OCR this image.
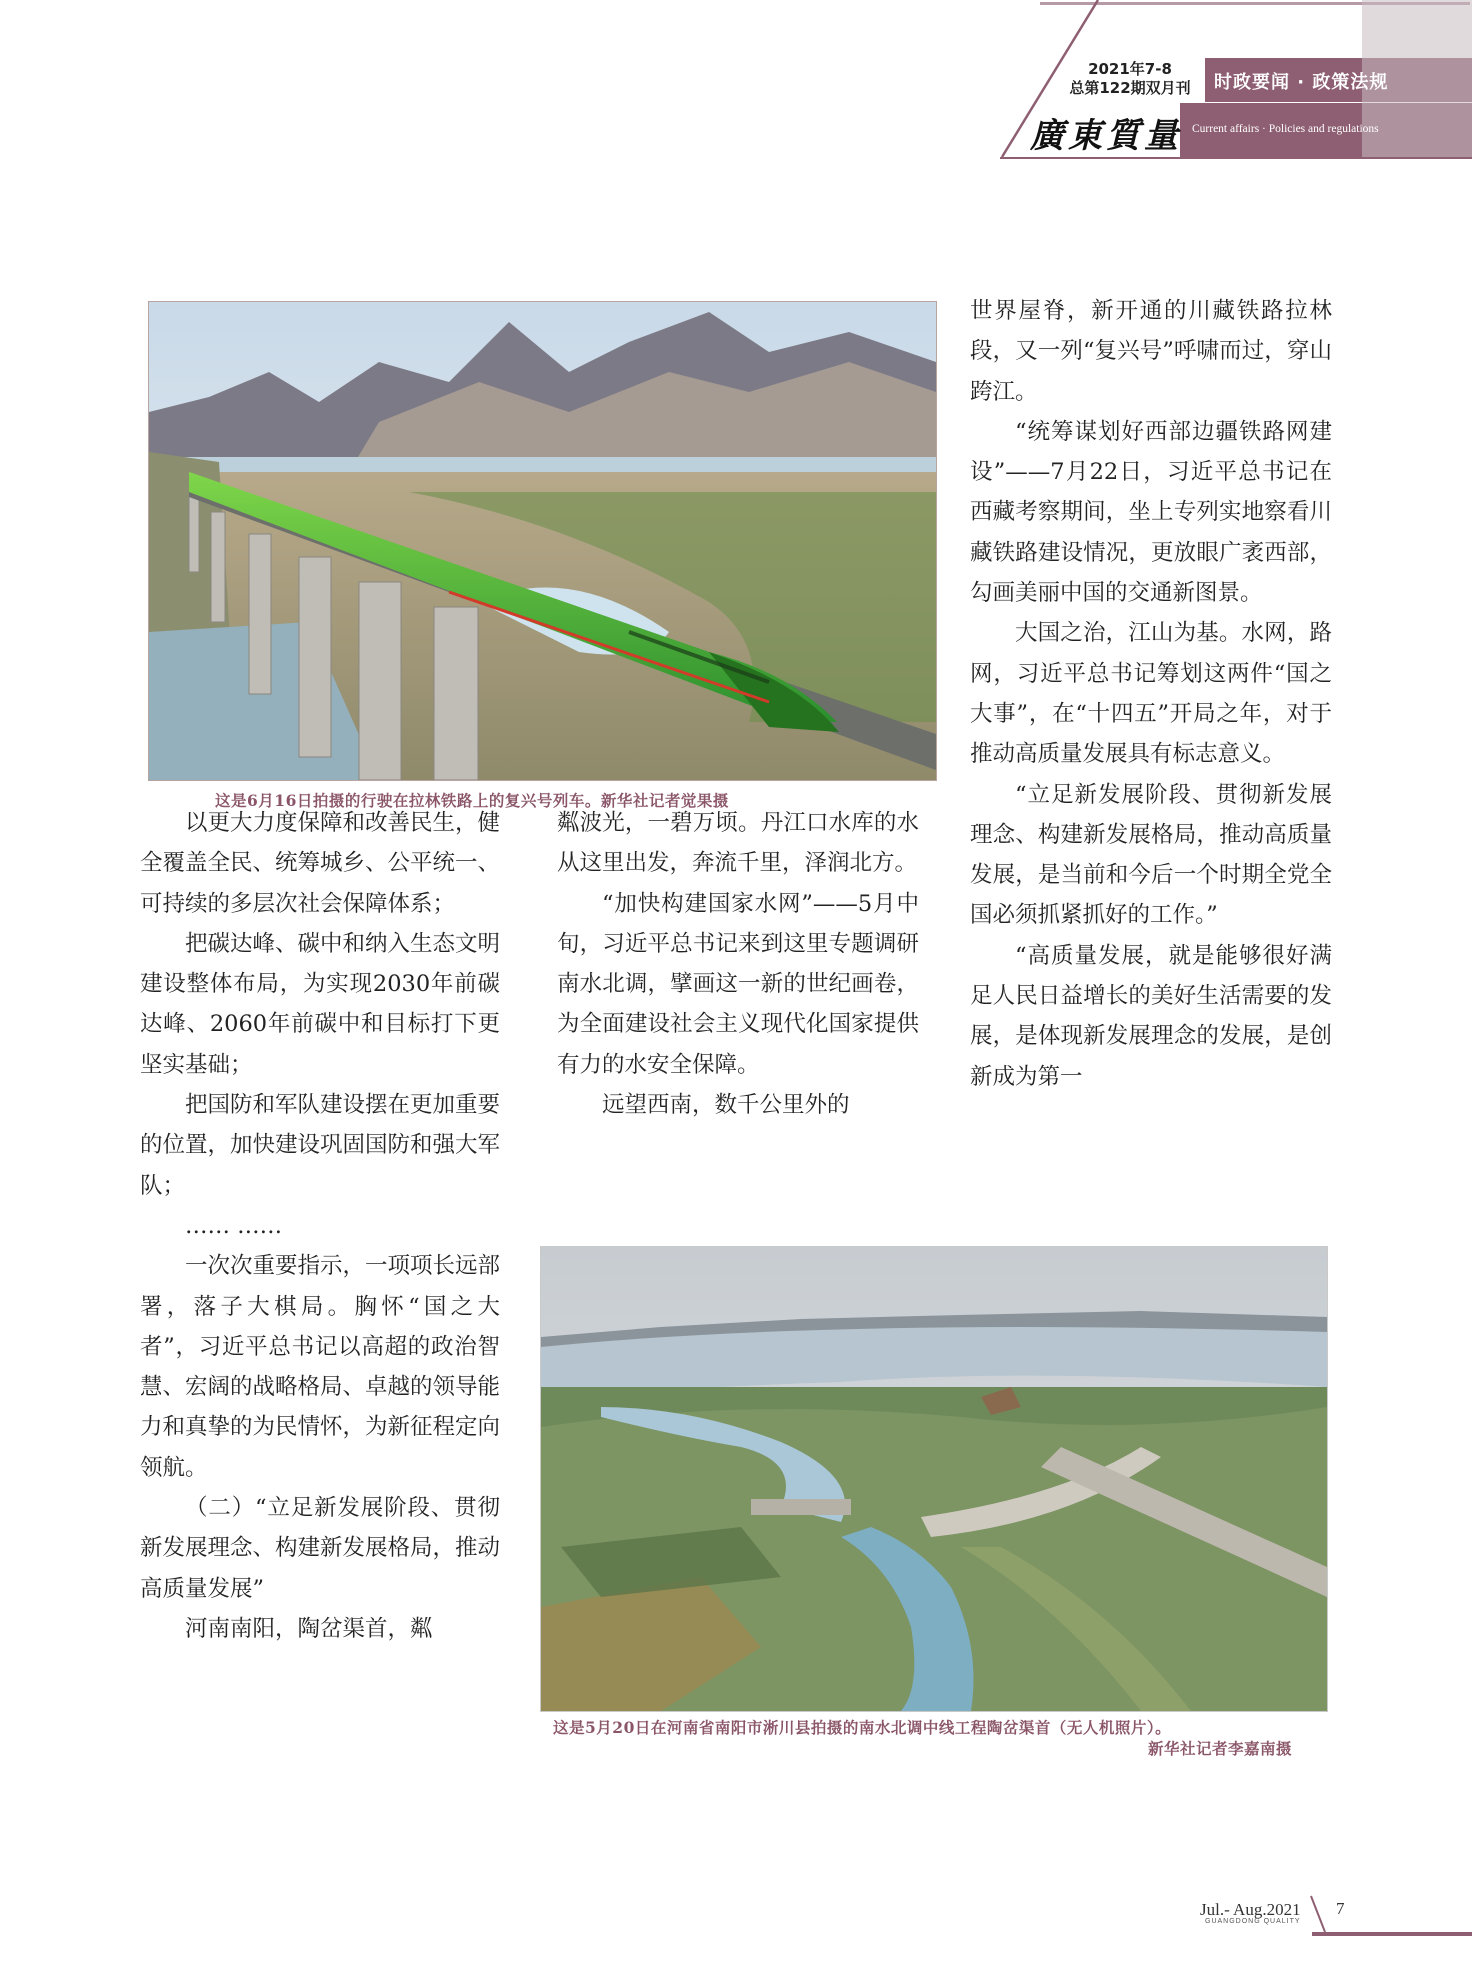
2021年7-8
总第122期双月刊	时政要闻 · 政策法规
Current affairs · Policies and regulations
廣東質量
这是6月16日拍摄的行驶在拉林铁路上的复兴号列车。新华社记者觉果摄

以更大力度保障和改善民生，健全覆盖全民、统筹城乡、公平统一、可持续的多层次社会保障体系；

把碳达峰、碳中和纳入生态文明建设整体布局，为实现2030年前碳达峰、2060年前碳中和目标打下更坚实基础；

把国防和军队建设摆在更加重要的位置，加快建设巩固国防和强大军队；

…… ……

一次次重要指示，一项项长远部署，落子大棋局。胸怀“国之大者”，习近平总书记以高超的政治智慧、宏阔的战略格局、卓越的领导能力和真挚的为民情怀，为新征程定向领航。

（二）“立足新发展阶段、贯彻新发展理念、构建新发展格局，推动高质量发展”

河南南阳，陶岔渠首，粼

粼波光，一碧万顷。丹江口水库的水从这里出发，奔流千里，泽润北方。

“加快构建国家水网”——5月中旬，习近平总书记来到这里专题调研南水北调，擘画这一新的世纪画卷，为全面建设社会主义现代化国家提供有力的水安全保障。

远望西南，数千公里外的

世界屋脊，新开通的川藏铁路拉林段，又一列“复兴号”呼啸而过，穿山跨江。

“统筹谋划好西部边疆铁路网建设”——7月22日，习近平总书记在西藏考察期间，坐上专列实地察看川藏铁路建设情况，更放眼广袤西部，勾画美丽中国的交通新图景。

大国之治，江山为基。水网，路网，习近平总书记筹划这两件“国之大事”，在“十四五”开局之年，对于推动高质量发展具有标志意义。

“立足新发展阶段、贯彻新发展理念、构建新发展格局，推动高质量发展，是当前和今后一个时期全党全国必须抓紧抓好的工作。”

“高质量发展，就是能够很好满足人民日益增长的美好生活需要的发展，是体现新发展理念的发展，是创新成为第一

这是5月20日在河南省南阳市淅川县拍摄的南水北调中线工程陶岔渠首（无人机照片）。
新华社记者李嘉南摄
Jul.- Aug.2021
GUANGDONG QUALITY
7
